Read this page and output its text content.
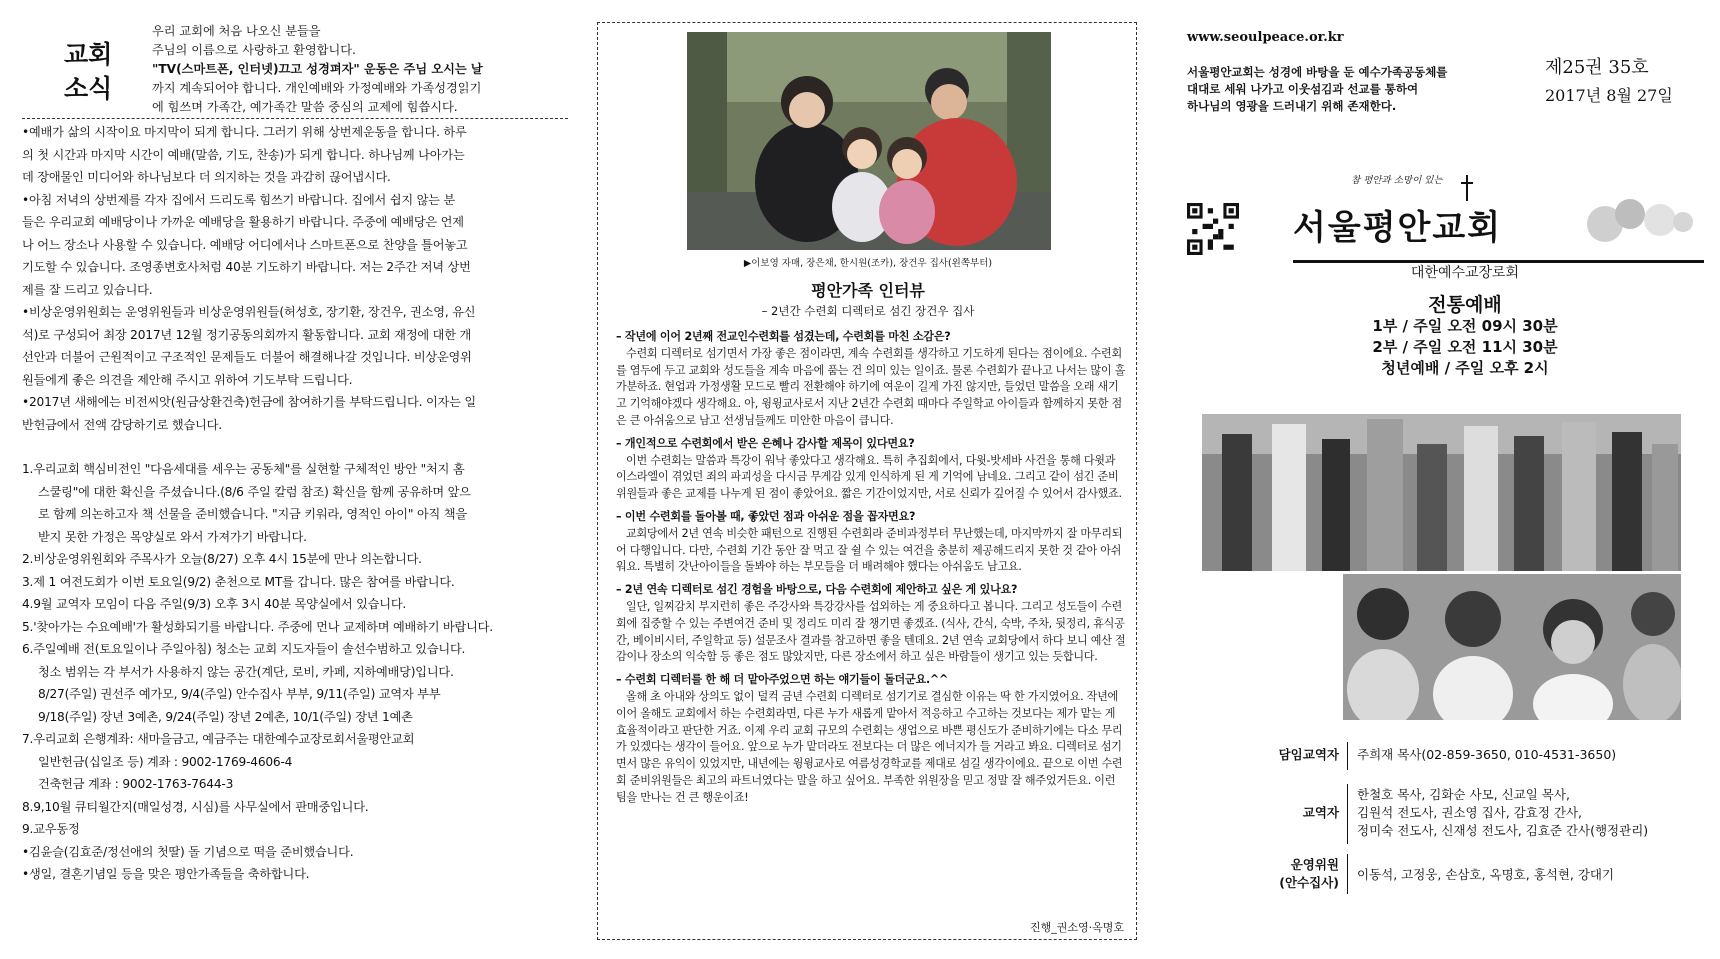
교회
소식

우리 교회에 처음 나오신 분들을

주님의 이름으로 사랑하고 환영합니다.

"TV(스마트폰, 인터넷)끄고 성경펴자" 운동은 주님 오시는 날

까지 계속되어야 합니다. 개인예배와 가정예배와 가족성경읽기

에 힘쓰며 가족간, 예가족간 말씀 중심의 교제에 힘씁시다.

•예배가 삶의 시작이요 마지막이 되게 합니다. 그러기 위해 상번제운동을 합니다. 하루
의 첫 시간과 마지막 시간이 예배(말씀, 기도, 찬송)가 되게 합니다. 하나님께 나아가는
데 장애물인 미디어와 하나님보다 더 의지하는 것을 과감히 끊어냅시다.
•아침 저녁의 상번제를 각자 집에서 드리도록 힘쓰기 바랍니다. 집에서 쉽지 않는 분
들은 우리교회 예배당이나 가까운 예배당을 활용하기 바랍니다. 주중에 예배당은 언제
나 어느 장소나 사용할 수 있습니다. 예배당 어디에서나 스마트폰으로 찬양을 틀어놓고
기도할 수 있습니다. 조영종변호사처럼 40분 기도하기 바랍니다. 저는 2주간 저녁 상번
제를 잘 드리고 있습니다.
•비상운영위원회는 운영위원들과 비상운영위원들(허성호, 장기환, 장건우, 권소영, 유신
석)로 구성되어 최장 2017년 12월 정기공동의회까지 활동합니다. 교회 재정에 대한 개
선안과 더불어 근원적이고 구조적인 문제들도 더불어 해결해나갈 것입니다. 비상운영위
원들에게 좋은 의견을 제안해 주시고 위하여 기도부탁 드립니다.
•2017년 새해에는 비전씨앗(원금상환건축)헌금에 참여하기를 부탁드립니다. 이자는 일
반헌금에서 전액 감당하기로 했습니다.
1.우리교회 핵심비전인 "다음세대를 세우는 공동체"를 실현할 구체적인 방안 "처지 홈
스쿨링"에 대한 확신을 주셨습니다.(8/6 주일 칼럼 참조) 확신을 함께 공유하며 앞으
로 함께 의논하고자 책 선물을 준비했습니다. "지금 키워라, 영적인 아이" 아직 책을
받지 못한 가정은 목양실로 와서 가져가기 바랍니다.
2.비상운영위원회와 주목사가 오늘(8/27) 오후 4시 15분에 만나 의논합니다.
3.제 1 여전도회가 이번 토요일(9/2) 춘천으로 MT를 갑니다. 많은 참여를 바랍니다.
4.9월 교역자 모임이 다음 주일(9/3) 오후 3시 40분 목양실에서 있습니다.
5.'찾아가는 수요예배'가 활성화되기를 바랍니다. 주중에 먼나 교제하며 예배하기 바랍니다.
6.주일예배 전(토요일이나 주일아침) 청소는 교회 지도자들이 솔선수범하고 있습니다.
청소 범위는 각 부서가 사용하지 않는 공간(계단, 로비, 카페, 지하예배당)입니다.
8/27(주일) 권선주 예가모, 9/4(주일) 안수집사 부부, 9/11(주일) 교역자 부부
9/18(주일) 장년 3예촌, 9/24(주일) 장년 2예촌, 10/1(주일) 장년 1예촌
7.우리교회 은행계좌: 새마을금고, 예금주는 대한예수교장로회서울평안교회
일반헌금(십일조 등) 계좌 : 9002-1769-4606-4
건축헌금 계좌 : 9002-1763-7644-3
8.9,10월 큐티월간지(매일성경, 시심)를 사무실에서 판매중입니다.
9.교우동정
•김윤슬(김효준/정선애의 첫딸) 돌 기념으로 떡을 준비했습니다.
•생일, 결혼기념일 등을 맞은 평안가족들을 축하합니다.
▶이보영 자매, 장은채, 한시원(조카), 장건우 집사(왼쪽부터)
평안가족 인터뷰
– 2년간 수련회 디렉터로 섬긴 장건우 집사
– 작년에 이어 2년째 전교인수련회를 섬겼는데, 수련회를 마친 소감은?
수련회 디렉터로 섬기면서 가장 좋은 점이라면, 계속 수련회를 생각하고 기도하게 된다는 점이에요. 수련회를 염두에 두고 교회와 성도들을 계속 마음에 품는 건 의미 있는 일이죠. 물론 수련회가 끝나고 나서는 많이 홀가분하죠. 현업과 가정생활 모드로 빨리 전환해야 하기에 여운이 길게 가진 않지만, 들었던 말씀을 오래 새기고 기억해야겠다 생각해요. 아, 윙윙교사로서 지난 2년간 수련회 때마다 주일학교 아이들과 함께하지 못한 점은 큰 아쉬움으로 남고 선생님들께도 미안한 마음이 큽니다.
– 개인적으로 수련회에서 받은 은혜나 감사할 제목이 있다면요?
이번 수련회는 말씀과 특강이 워낙 좋았다고 생각해요. 특히 추집회에서, 다윗-밧세바 사건을 통해 다윗과 이스라엘이 겪었던 죄의 파괴성을 다시금 무게감 있게 인식하게 된 게 기억에 남네요. 그리고 같이 섬긴 준비위원들과 좋은 교제를 나누게 된 점이 좋았어요. 짧은 기간이었지만, 서로 신뢰가 깊어질 수 있어서 감사했죠.
– 이번 수련회를 돌아볼 때, 좋았던 점과 아쉬운 점을 꼽자면요?
교회당에서 2년 연속 비슷한 패턴으로 진행된 수련회라 준비과정부터 무난했는데, 마지막까지 잘 마무리되어 다행입니다. 다만, 수련회 기간 동안 잘 먹고 잘 쉴 수 있는 여건을 충분히 제공해드리지 못한 것 같아 아쉬워요. 특별히 갓난아이들을 돌봐야 하는 부모들을 더 배려해야 했다는 아쉬움도 남고요.
– 2년 연속 디렉터로 섬긴 경험을 바탕으로, 다음 수련회에 제안하고 싶은 게 있나요?
일단, 일찌감치 부지런히 좋은 주강사와 특강강사를 섭외하는 게 중요하다고 봅니다. 그리고 성도들이 수련회에 집중할 수 있는 주변여건 준비 및 정리도 미리 잘 챙기면 좋겠죠. (식사, 간식, 숙박, 주차, 뒷정리, 휴식공간, 베이비시터, 주일학교 등) 설문조사 결과를 참고하면 좋을 텐데요. 2년 연속 교회당에서 하다 보니 예산 절감이나 장소의 익숙함 등 좋은 점도 많았지만, 다른 장소에서 하고 싶은 바람들이 생기고 있는 듯합니다.
– 수련회 디렉터를 한 해 더 맡아주었으면 하는 얘기들이 돌더군요.^^
올해 초 아내와 상의도 없이 덜컥 금년 수련회 디렉터로 섬기기로 결심한 이유는 딱 한 가지였어요. 작년에 이어 올해도 교회에서 하는 수련회라면, 다른 누가 새롭게 맡아서 적응하고 수고하는 것보다는 제가 맡는 게 효율적이라고 판단한 거죠. 이제 우리 교회 규모의 수련회는 생업으로 바쁜 평신도가 준비하기에는 다소 무리가 있겠다는 생각이 들어요. 앞으로 누가 맡더라도 전보다는 더 많은 에너지가 들 거라고 봐요. 디렉터로 섬기면서 많은 유익이 있었지만, 내년에는 윙윙교사로 여름성경학교를 제대로 섬길 생각이에요. 끝으로 이번 수련회 준비위원들은 최고의 파트너였다는 말을 하고 싶어요. 부족한 위원장을 믿고 정말 잘 해주었거든요. 이런 팀을 만나는 건 큰 행운이죠!
진행_권소영·옥명호
www.seoulpeace.or.kr
서울평안교회는 성경에 바탕을 둔 예수가족공동체를
대대로 세워 나가고 이웃섬김과 선교를 통하여
하나님의 영광을 드러내기 위해 존재한다.
제25권 35호
2017년 8월 27일
참 평안과 소망이 있는
서울평안교회
대한예수교장로회
전통예배
1부 / 주일 오전 09시 30분
2부 / 주일 오전 11시 30분
청년예배 / 주일 오후 2시
담임교역자 주희재 목사(02-859-3650, 010-4531-3650)
교역자
한철호 목사, 김화순 사모, 신교일 목사,
김원석 전도사, 권소영 집사, 감효정 간사,
정미숙 전도사, 신재성 전도사, 김효준 간사(행정관리)
운영위원
(안수집사)
이동석, 고정웅, 손삼호, 옥명호, 홍석현, 강대기
